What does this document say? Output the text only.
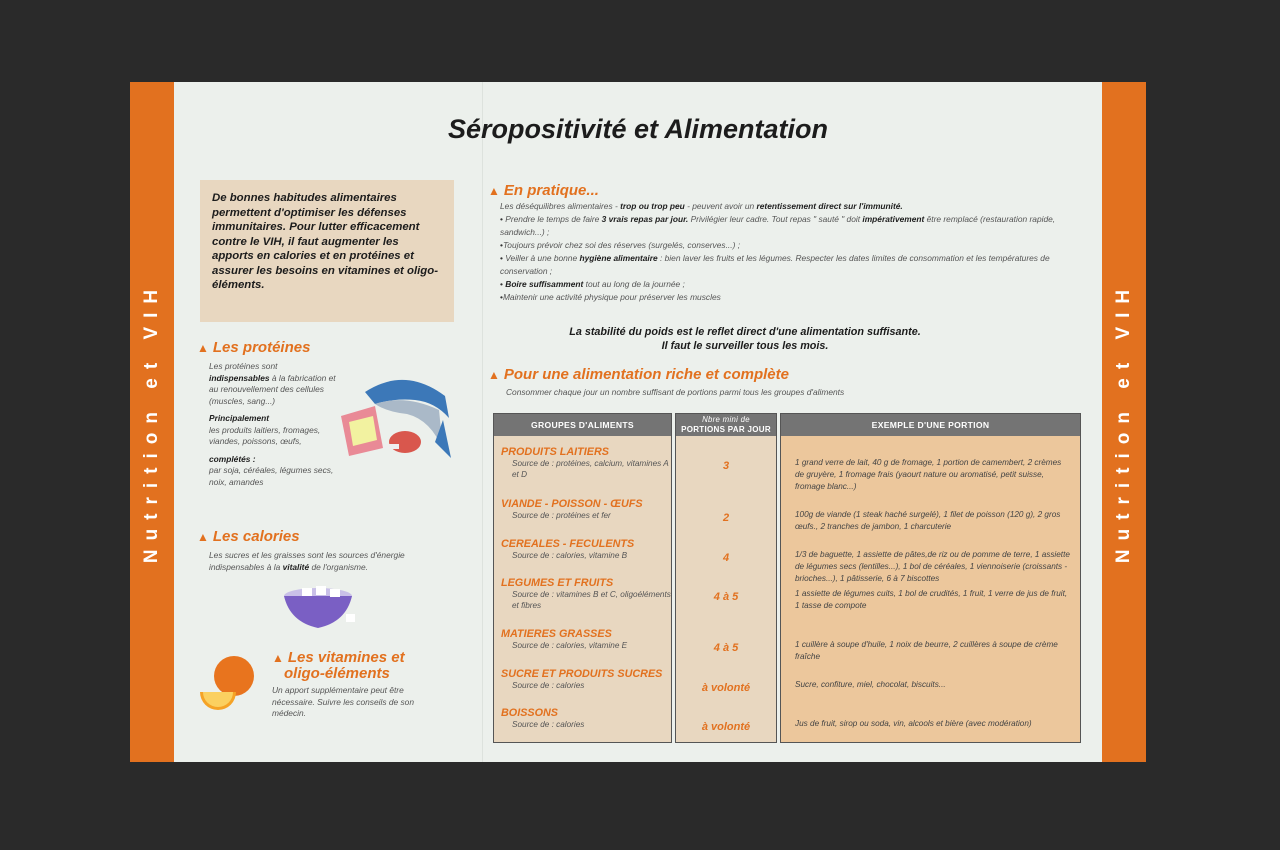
Nutrition et VIH	Nutrition et VIH
Séropositivité et Alimentation
De bonnes habitudes alimentaires permettent d'optimiser les défenses immunitaires. Pour lutter efficacement contre le VIH, il faut augmenter les apports en calories et en protéines et assurer les besoins en vitamines et oligo-éléments.
▲ Les protéines
Les protéines sont indispensables à la fabrication et au renouvellement des cellules (muscles, sang...)
Principalement
les produits laitiers, fromages, viandes, poissons, œufs,
complétés :
par soja, céréales, légumes secs, noix, amandes
▲ Les calories
Les sucres et les graisses sont les sources d'énergie indispensables à la vitalité de l'organisme.
▲ Les vitamines et
oligo-éléments
Un apport supplémentaire peut être nécessaire. Suivre les conseils de son médecin.
▲ En pratique...
Les déséquilibres alimentaires - trop ou trop peu - peuvent avoir un retentissement direct sur l'immunité.
• Prendre le temps de faire 3 vrais repas par jour. Privilégier leur cadre. Tout repas " sauté " doit impérativement être remplacé (restauration rapide, sandwich...) ;
• Toujours prévoir chez soi des réserves (surgelés, conserves...) ;
• Veiller à une bonne hygiène alimentaire : bien laver les fruits et les légumes. Respecter les dates limites de consommation et les températures de conservation ;
• Boire suffisamment tout au long de la journée ;
• Maintenir une activité physique pour préserver les muscles
La stabilité du poids est le reflet direct d'une alimentation suffisante.
Il faut le surveiller tous les mois.
▲ Pour une alimentation riche et complète
Consommer chaque jour un nombre suffisant de portions parmi tous les groupes d'aliments
GROUPES D'ALIMENTS
PRODUITS LAITIERS
Source de : protéines, calcium, vitamines A et D
VIANDE - POISSON - ŒUFS
Source de : protéines et fer
CEREALES - FECULENTS
Source de : calories, vitamine B
LEGUMES ET FRUITS
Source de : vitamines B et C, oligoéléments et fibres
MATIERES GRASSES
Source de : calories, vitamine E
SUCRE ET PRODUITS SUCRES
Source de : calories
BOISSONS
Source de : calories
Nbre mini de
PORTIONS PAR JOUR
3
2
4
4 à 5
4 à 5
à volonté
à volonté
EXEMPLE D'UNE PORTION
1 grand verre de lait, 40 g de fromage, 1 portion de camembert, 2 crèmes de gruyère, 1 fromage frais (yaourt nature ou aromatisé, petit suisse, fromage blanc...)
100g de viande (1 steak haché surgelé), 1 filet de poisson (120 g), 2 gros œufs., 2 tranches de jambon, 1 charcuterie
1/3 de baguette, 1 assiette de pâtes,de riz ou de pomme de terre, 1 assiette de légumes secs (lentilles...), 1 bol de céréales, 1 viennoiserie (croissants - brioches...), 1 pâtisserie, 6 à 7 biscottes
1 assiette de légumes cuits, 1 bol de crudités, 1 fruit, 1 verre de jus de fruit, 1 tasse de compote
1 cuillère à soupe d'huile, 1 noix de beurre, 2 cuillères à soupe de crème fraîche
Sucre, confiture, miel, chocolat, biscuits...
Jus de fruit, sirop ou soda, vin, alcools et bière (avec modération)
